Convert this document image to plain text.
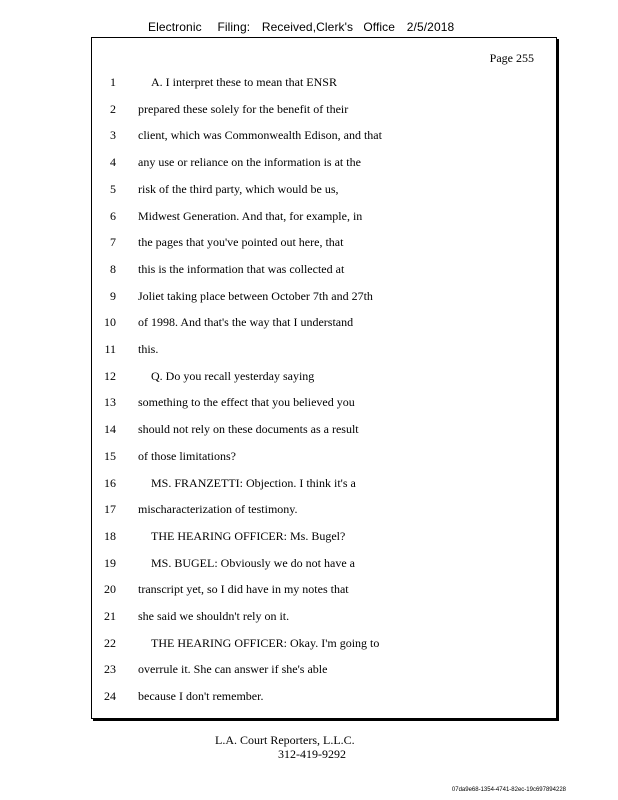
Electronic Filing: Received,Clerk's Office 2/5/2018
Page 255
1	A. I interpret these to mean that ENSR
2 prepared these solely for the benefit of their
3 client, which was Commonwealth Edison, and that
4 any use or reliance on the information is at the
5 risk of the third party, which would be us,
6 Midwest Generation. And that, for example, in
7 the pages that you've pointed out here, that
8 this is the information that was collected at
9 Joliet taking place between October 7th and 27th
10 of 1998. And that's the way that I understand
11 this.
12	Q. Do you recall yesterday saying
13 something to the effect that you believed you
14 should not rely on these documents as a result
15 of those limitations?
16	MS. FRANZETTI: Objection. I think it's a
17 mischaracterization of testimony.
18	THE HEARING OFFICER: Ms. Bugel?
19	MS. BUGEL: Obviously we do not have a
20 transcript yet, so I did have in my notes that
21 she said we shouldn't rely on it.
22	THE HEARING OFFICER: Okay. I'm going to
23 overrule it. She can answer if she's able
24 because I don't remember.
L.A. Court Reporters, L.L.C.
312-419-9292
07da9e68-1354-4741-82ec-19c697894228
